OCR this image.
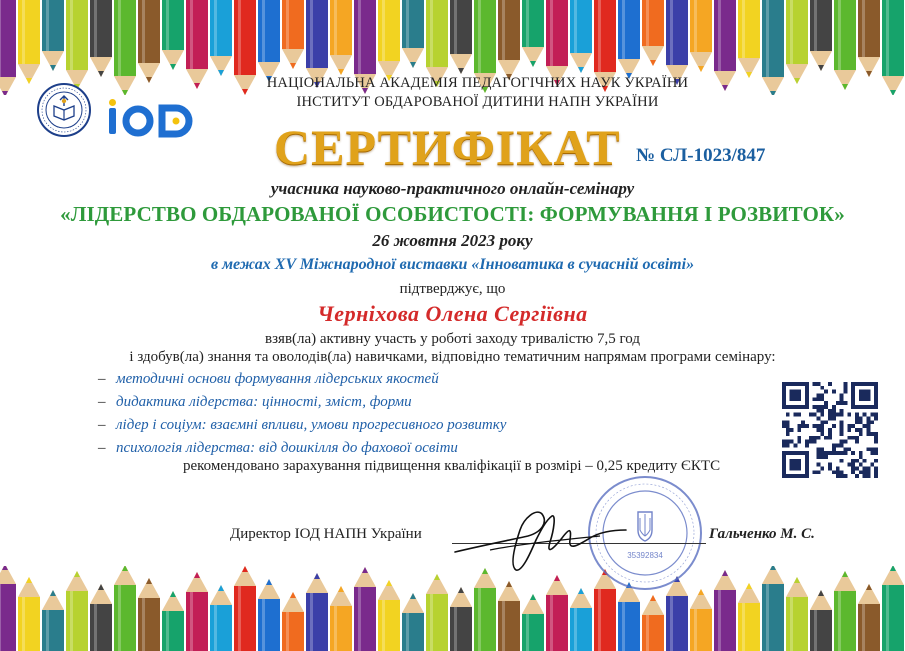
НАЦІОНАЛЬНА АКАДЕМІЯ ПЕДАГОГІЧНИХ НАУК УКРАЇНИ
ІНСТИТУТ ОБДАРОВАНОЇ ДИТИНИ НАПН УКРАЇНИ
СЕРТИФІКАТ № СЛ-1023/847
учасника науково-практичного онлайн-семінару
«ЛІДЕРСТВО ОБДАРОВАНОЇ ОСОБИСТОСТІ: ФОРМУВАННЯ І РОЗВИТОК»
26 жовтня 2023 року
в межах XV Міжнародної виставки «Інноватика в сучасній освіті»
підтверджує, що
Черніхова Олена Сергіївна
взяв(ла) активну участь у роботі заходу тривалістю 7,5 год
і здобув(ла) знання та оволодів(ла) навичками, відповідно тематичним напрямам програми семінару:
– методичні основи формування лідерських якостей
– дидактика лідерства: цінності, зміст, форми
– лідер і соціум: взаємні впливи, умови прогресивного розвитку
– психологія лідерства: від дошкілля до фахової освіти
рекомендовано зарахування підвищення кваліфікації в розмірі – 0,25 кредиту ЄКТС
35392834
Директор ІОД НАПН України	Гальченко М. С.
